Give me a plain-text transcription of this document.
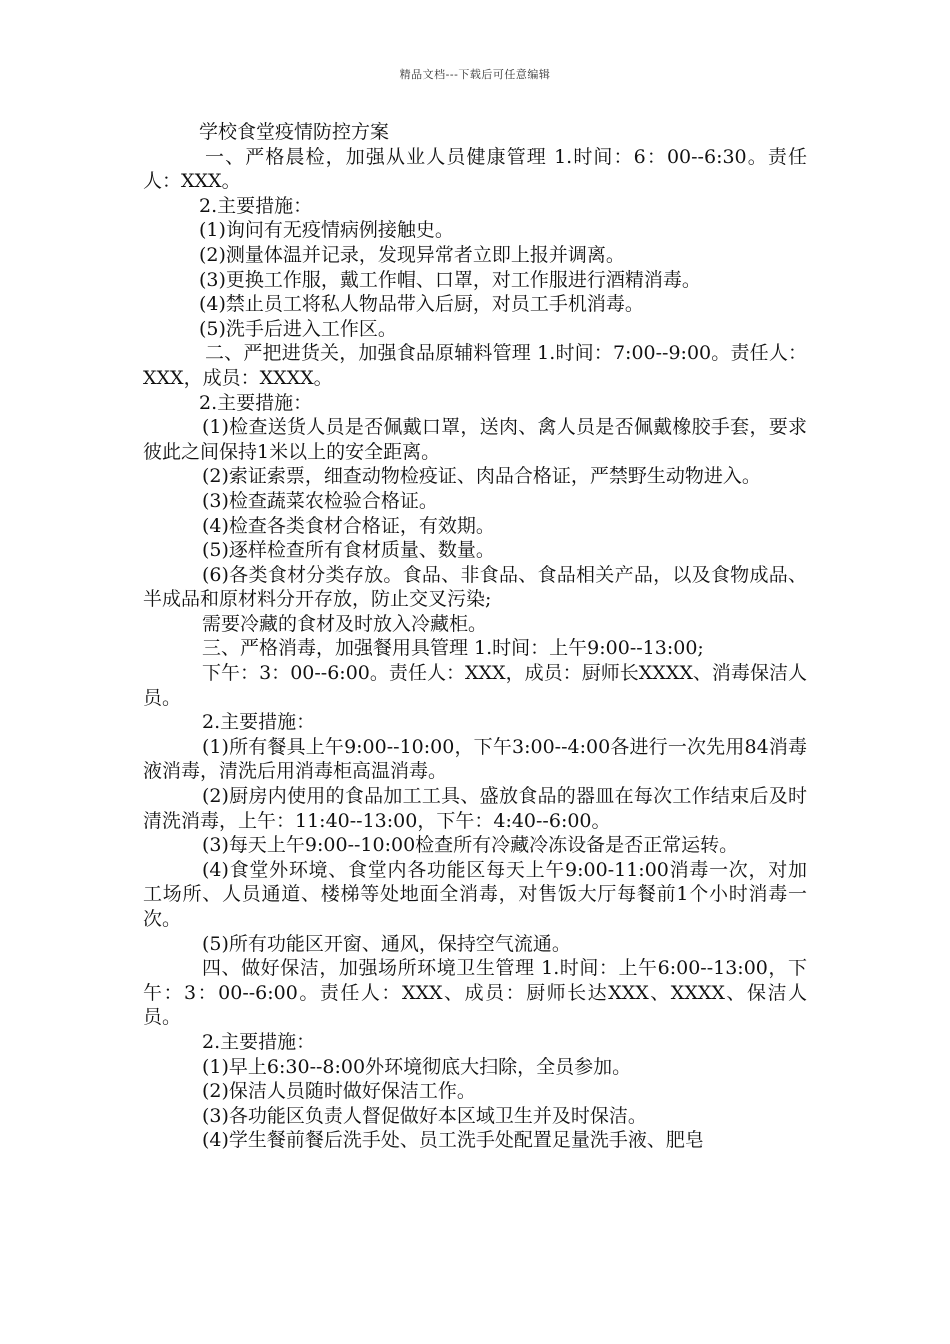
精品文档---下载后可任意编辑

学校食堂疫情防控方案

一、严格晨检，加强从业人员健康管理 1.时间：6：00--6:30。责任人：XXX。

2.主要措施：

(1)询问有无疫情病例接触史。

(2)测量体温并记录，发现异常者立即上报并调离。

(3)更换工作服，戴工作帽、口罩，对工作服进行酒精消毒。

(4)禁止员工将私人物品带入后厨，对员工手机消毒。

(5)洗手后进入工作区。

二、严把进货关，加强食品原辅料管理 1.时间：7:00--9:00。责任人：XXX，成员：XXXX。

2.主要措施：

(1)检查送货人员是否佩戴口罩，送肉、禽人员是否佩戴橡胶手套，要求彼此之间保持1米以上的安全距离。

(2)索证索票，细查动物检疫证、肉品合格证，严禁野生动物进入。

(3)检查蔬菜农检验合格证。

(4)检查各类食材合格证，有效期。

(5)逐样检查所有食材质量、数量。

(6)各类食材分类存放。食品、非食品、食品相关产品，以及食物成品、半成品和原材料分开存放，防止交叉污染;

需要冷藏的食材及时放入冷藏柜。

三、严格消毒，加强餐用具管理 1.时间：上午9:00--13:00;

下午：3：00--6:00。责任人：XXX，成员：厨师长XXXX、消毒保洁人员。

2.主要措施：

(1)所有餐具上午9:00--10:00，下午3:00--4:00各进行一次先用84消毒液消毒，清洗后用消毒柜高温消毒。

(2)厨房内使用的食品加工工具、盛放食品的器皿在每次工作结束后及时清洗消毒，上午：11:40--13:00，下午：4:40--6:00。

(3)每天上午9:00--10:00检查所有冷藏冷冻设备是否正常运转。

(4)食堂外环境、食堂内各功能区每天上午9:00-11:00消毒一次，对加工场所、人员通道、楼梯等处地面全消毒，对售饭大厅每餐前1个小时消毒一次。

(5)所有功能区开窗、通风，保持空气流通。

四、做好保洁，加强场所环境卫生管理 1.时间：上午6:00--13:00，下午：3：00--6:00。责任人：XXX、成员：厨师长达XXX、XXXX、保洁人员。

2.主要措施：

(1)早上6:30--8:00外环境彻底大扫除，全员参加。

(2)保洁人员随时做好保洁工作。

(3)各功能区负责人督促做好本区域卫生并及时保洁。

(4)学生餐前餐后洗手处、员工洗手处配置足量洗手液、肥皂
